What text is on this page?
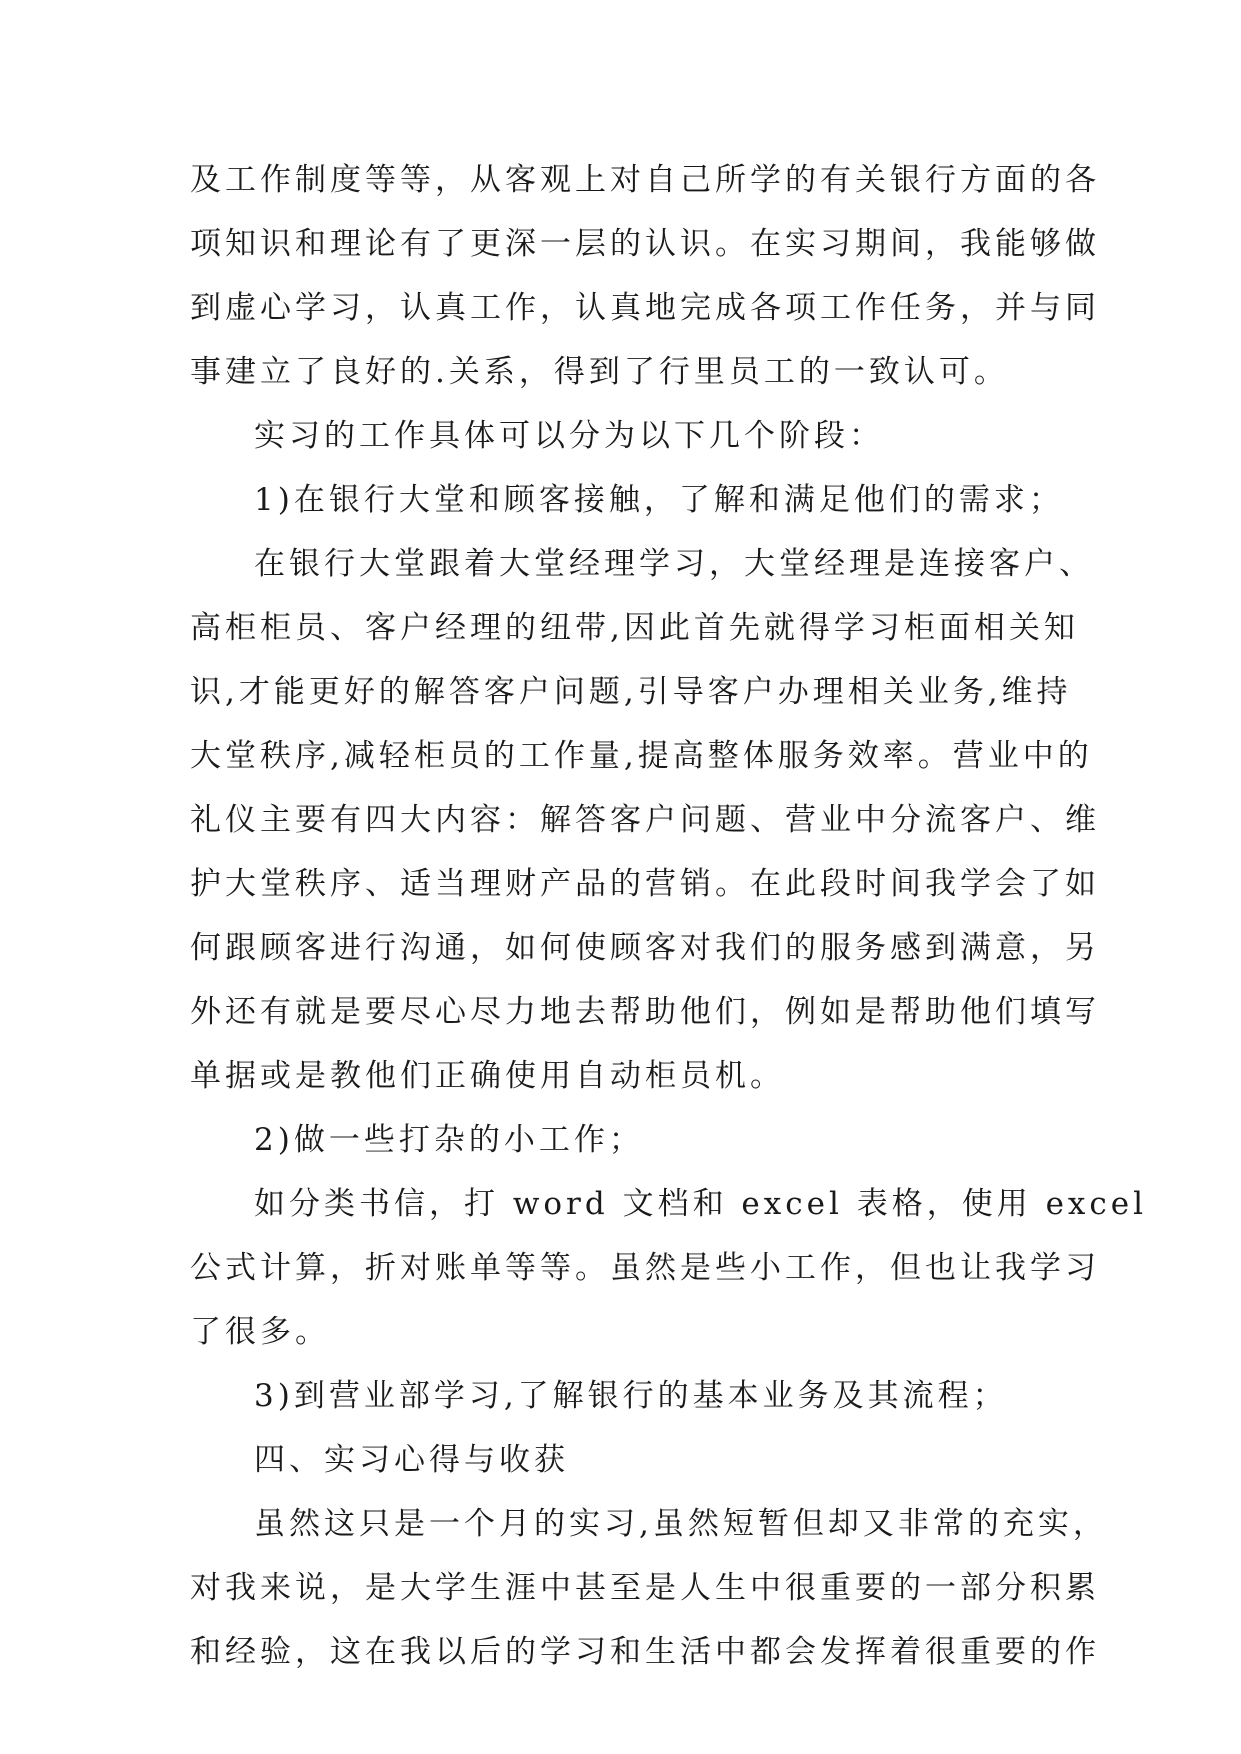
及工作制度等等，从客观上对自己所学的有关银行方面的各
项知识和理论有了更深一层的认识。在实习期间，我能够做
到虚心学习，认真工作，认真地完成各项工作任务，并与同
事建立了良好的.关系，得到了行里员工的一致认可。
实习的工作具体可以分为以下几个阶段：
1)在银行大堂和顾客接触，了解和满足他们的需求；
在银行大堂跟着大堂经理学习，大堂经理是连接客户、
高柜柜员、客户经理的纽带,因此首先就得学习柜面相关知
识,才能更好的解答客户问题,引导客户办理相关业务,维持
大堂秩序,减轻柜员的工作量,提高整体服务效率。营业中的
礼仪主要有四大内容：解答客户问题、营业中分流客户、维
护大堂秩序、适当理财产品的营销。在此段时间我学会了如
何跟顾客进行沟通，如何使顾客对我们的服务感到满意，另
外还有就是要尽心尽力地去帮助他们，例如是帮助他们填写
单据或是教他们正确使用自动柜员机。
2)做一些打杂的小工作；
如分类书信，打 word 文档和 excel 表格，使用 excel
公式计算，折对账单等等。虽然是些小工作，但也让我学习
了很多。
3)到营业部学习,了解银行的基本业务及其流程；
四、实习心得与收获
虽然这只是一个月的实习,虽然短暂但却又非常的充实，
对我来说，是大学生涯中甚至是人生中很重要的一部分积累
和经验，这在我以后的学习和生活中都会发挥着很重要的作
